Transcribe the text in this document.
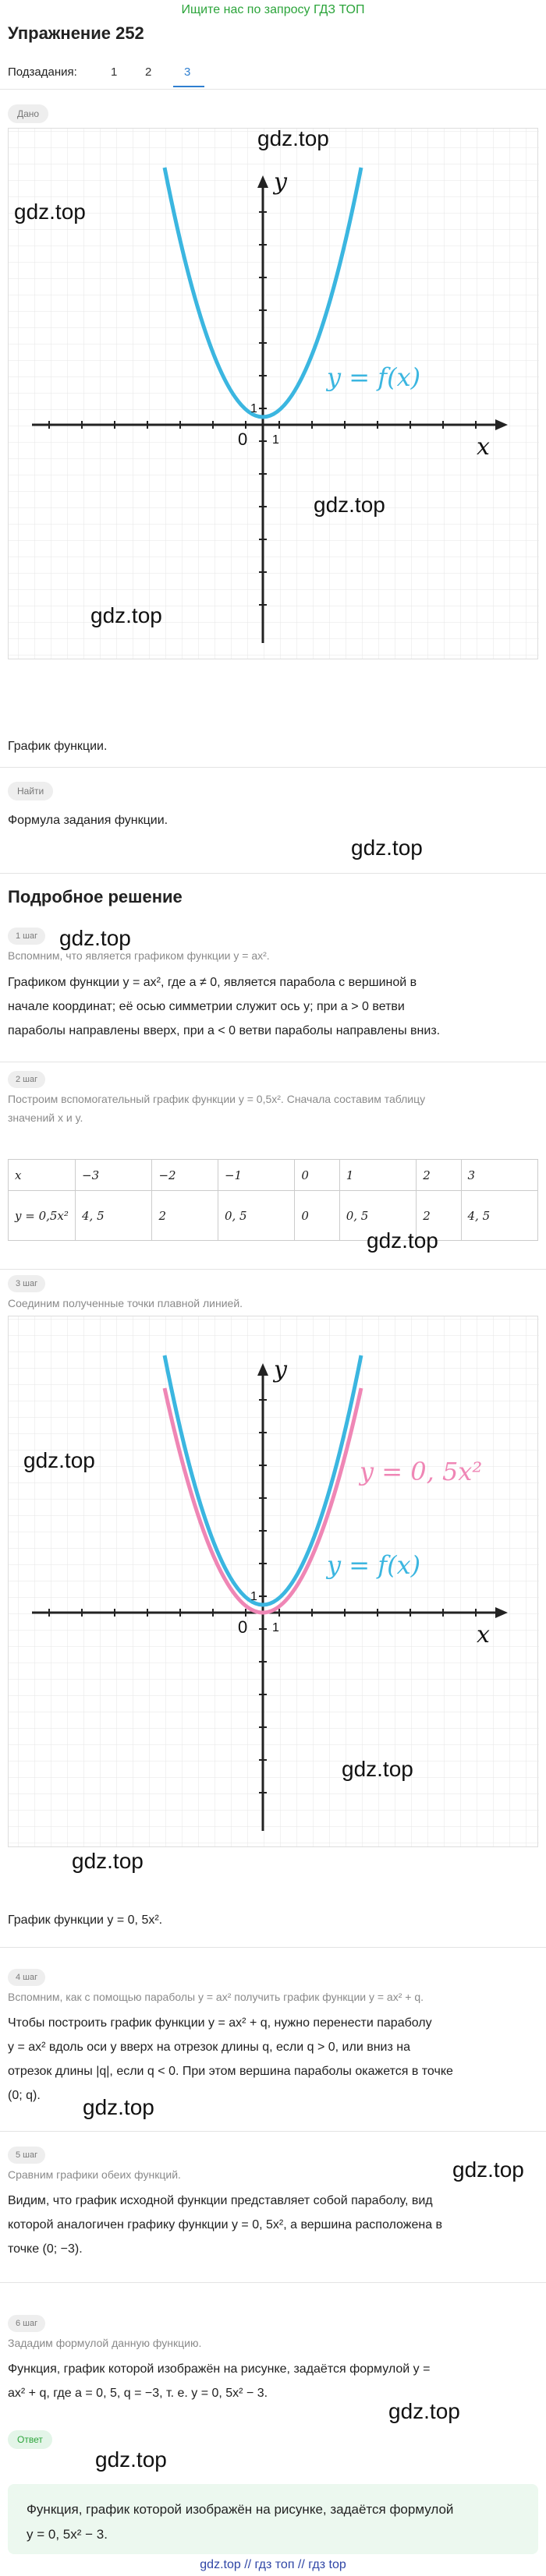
Ищите нас по запросу ГДЗ ТОП
Упражнение 252
Подзадания:	1 2	3
Дано
y
x
0 1
1
y = f(x)
gdz.top
gdz.top
gdz.top
gdz.top
График функции.
Найти
Формула задания функции.
gdz.top
Подробное решение
gdz.top
1 шаг
Вспомним, что является графиком функции y = ax².
Графиком функции y = ax², где a ≠ 0, является парабола с вершиной в
начале координат; её осью симметрии служит ось y; при a > 0 ветви
параболы направлены вверх, при a < 0 ветви параболы направлены вниз.
2 шаг
Построим вспомогательный график функции y = 0,5x². Сначала составим таблицу
значений x и y.
x	−3	−2	−1	0	1	2	3
y = 0,5x²	4, 5	2	0, 5	0	0, 5	2	4, 5
gdz.top
3 шаг
Соединим полученные точки плавной линией.
y
x
0 1
1
y = 0, 5x²
y = f(x)
gdz.top
gdz.top
gdz.top
График функции y = 0, 5x².
4 шаг
Вспомним, как с помощью параболы y = ax² получить график функции y = ax² + q.
Чтобы построить график функции y = ax² + q, нужно перенести параболу
y = ax² вдоль оси y вверх на отрезок длины q, если q > 0, или вниз на
отрезок длины |q|, если q < 0. При этом вершина параболы окажется в точке
(0; q). gdz.top
5 шаг
gdz.top
Сравним графики обеих функций.
Видим, что график исходной функции представляет собой параболу, вид
которой аналогичен графику функции y = 0, 5x², а вершина расположена в
точке (0; −3).
6 шаг
Зададим формулой данную функцию.
Функция, график которой изображён на рисунке, задаётся формулой y =
ax² + q, где a = 0, 5, q = −3, т. е. y = 0, 5x² − 3.
gdz.top
Ответ
gdz.top
Функция, график которой изображён на рисунке, задаётся формулой
y = 0, 5x² − 3.
gdz.top // гдз топ // гдз top
